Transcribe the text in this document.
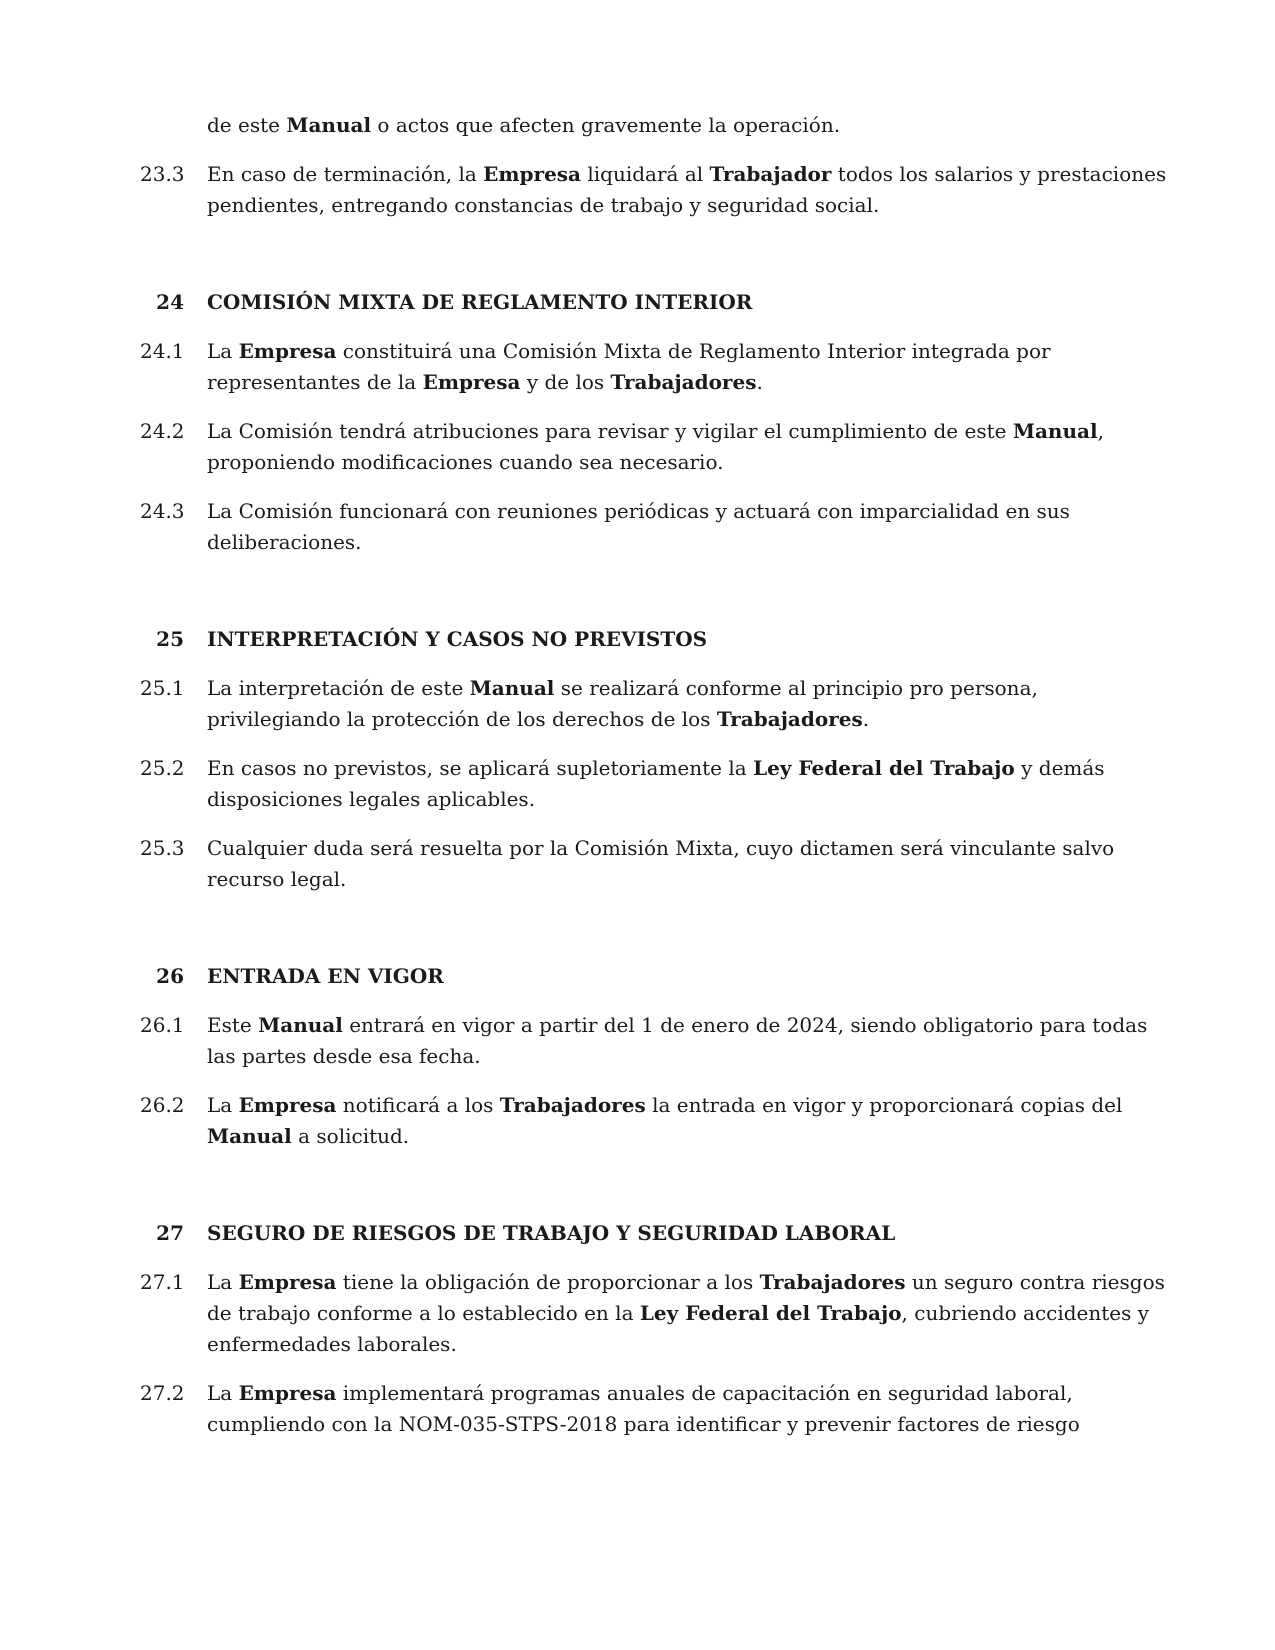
de este Manual o actos que afecten gravemente la operación.
23.3 En caso de terminación, la Empresa liquidará al Trabajador todos los salarios y prestaciones
pendientes, entregando constancias de trabajo y seguridad social.
24 COMISIÓN MIXTA DE REGLAMENTO INTERIOR
24.1 La Empresa constituirá una Comisión Mixta de Reglamento Interior integrada por
representantes de la Empresa y de los Trabajadores.
24.2 La Comisión tendrá atribuciones para revisar y vigilar el cumplimiento de este Manual,
proponiendo modificaciones cuando sea necesario.
24.3 La Comisión funcionará con reuniones periódicas y actuará con imparcialidad en sus
deliberaciones.
25 INTERPRETACIÓN Y CASOS NO PREVISTOS
25.1 La interpretación de este Manual se realizará conforme al principio pro persona,
privilegiando la protección de los derechos de los Trabajadores.
25.2 En casos no previstos, se aplicará supletoriamente la Ley Federal del Trabajo y demás
disposiciones legales aplicables.
25.3 Cualquier duda será resuelta por la Comisión Mixta, cuyo dictamen será vinculante salvo
recurso legal.
26 ENTRADA EN VIGOR
26.1 Este Manual entrará en vigor a partir del 1 de enero de 2024, siendo obligatorio para todas
las partes desde esa fecha.
26.2 La Empresa notificará a los Trabajadores la entrada en vigor y proporcionará copias del
Manual a solicitud.
27 SEGURO DE RIESGOS DE TRABAJO Y SEGURIDAD LABORAL
27.1 La Empresa tiene la obligación de proporcionar a los Trabajadores un seguro contra riesgos
de trabajo conforme a lo establecido en la Ley Federal del Trabajo, cubriendo accidentes y
enfermedades laborales.
27.2 La Empresa implementará programas anuales de capacitación en seguridad laboral,
cumpliendo con la NOM-035-STPS-2018 para identificar y prevenir factores de riesgo
